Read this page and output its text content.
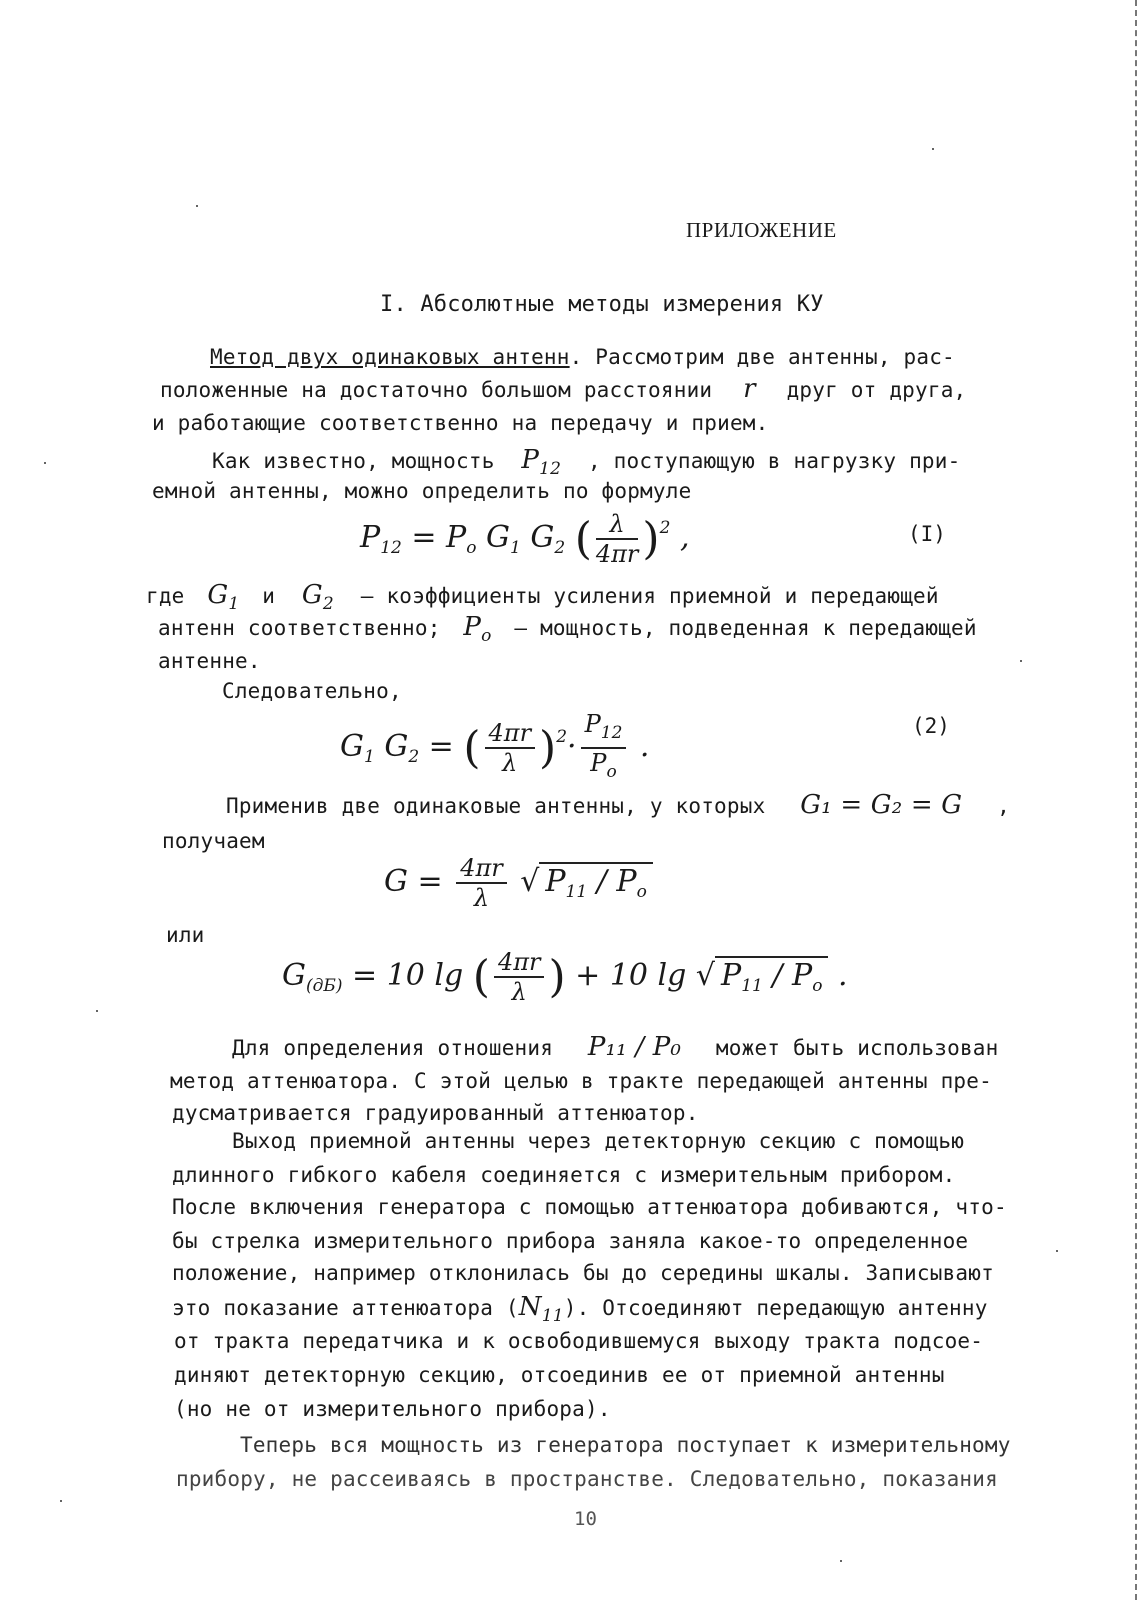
ПРИЛОЖЕНИЕ
I. Абсолютные методы измерения КУ
Метод двух одинаковых антенн. Рассмотрим две антенны, рас-
положенные на достаточно большом расстоянии r друг от друга,
и работающие соответственно на передачу и прием.
Как известно, мощность $P_{12}$ , поступающую в нагрузку при-
емной антенны, можно определить по формуле
$P_{12} = P_o$ $G_1$ $G_2$ ( $\frac{\lambda}{4\pi r} )^2$ ,	(I)
где $G_1$ и $G_2$ – коэффициенты усиления приемной и передающей
антенн соответственно; $P_o$ – мощность, подведенная к передающей
антенне.
Следовательно,
$G_1$ $G_2$ = ( $\frac{4\pi r}{\lambda} )^2\cdot \frac{P_{12}}{P_o}$ .
(2)
Применив две одинаковые антенны, у которых G₁ = G₂ = G ,
получаем
$G = \frac{4\pi r}{\lambda}$ √ $P_{11} / P_o$
или
$G_{(дБ)} = 10$ lg ( $\frac{4\pi r}{\lambda}$ ) + 10 lg √ $P_{11} / P_o$ .
Для определения отношения P₁₁ / P₀ может быть использован
метод аттенюатора. С этой целью в тракте передающей антенны пре-
дусматривается градуированный аттенюатор.
Выход приемной антенны через детекторную секцию с помощью
длинного гибкого кабеля соединяется с измерительным прибором.
После включения генератора с помощью аттенюатора добиваются, что-
бы стрелка измерительного прибора заняла какое-то определенное
положение, например отклонилась бы до середины шкалы. Записывают
это показание аттенюатора $(N_{11})$. Отсоединяют передающую антенну
от тракта передатчика и к освободившемуся выходу тракта подсое-
диняют детекторную секцию, отсоединив ее от приемной антенны
(но не от измерительного прибора).
Теперь вся мощность из генератора поступает к измерительному
прибору, не рассеиваясь в пространстве. Следовательно, показания
10
